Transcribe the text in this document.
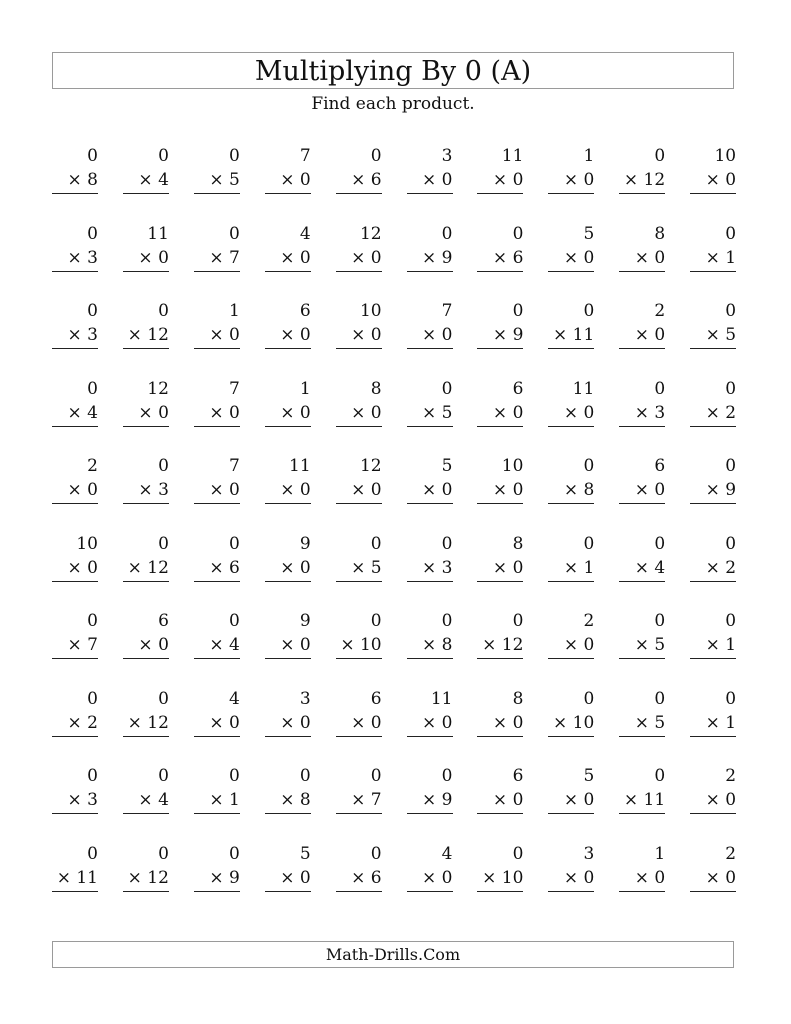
Multiplying By 0 (A)
Find each product.
0
× 8
0
× 4
0
× 5
7
× 0
0
× 6
3
× 0
11
× 0
1
× 0
0
× 12
10
× 0
0
× 3
11
× 0
0
× 7
4
× 0
12
× 0
0
× 9
0
× 6
5
× 0
8
× 0
0
× 1
0
× 3
0
× 12
1
× 0
6
× 0
10
× 0
7
× 0
0
× 9
0
× 11
2
× 0
0
× 5
0
× 4
12
× 0
7
× 0
1
× 0
8
× 0
0
× 5
6
× 0
11
× 0
0
× 3
0
× 2
2
× 0
0
× 3
7
× 0
11
× 0
12
× 0
5
× 0
10
× 0
0
× 8
6
× 0
0
× 9
10
× 0
0
× 12
0
× 6
9
× 0
0
× 5
0
× 3
8
× 0
0
× 1
0
× 4
0
× 2
0
× 7
6
× 0
0
× 4
9
× 0
0
× 10
0
× 8
0
× 12
2
× 0
0
× 5
0
× 1
0
× 2
0
× 12
4
× 0
3
× 0
6
× 0
11
× 0
8
× 0
0
× 10
0
× 5
0
× 1
0
× 3
0
× 4
0
× 1
0
× 8
0
× 7
0
× 9
6
× 0
5
× 0
0
× 11
2
× 0
0
× 11
0
× 12
0
× 9
5
× 0
0
× 6
4
× 0
0
× 10
3
× 0
1
× 0
2
× 0
Math-Drills.Com
